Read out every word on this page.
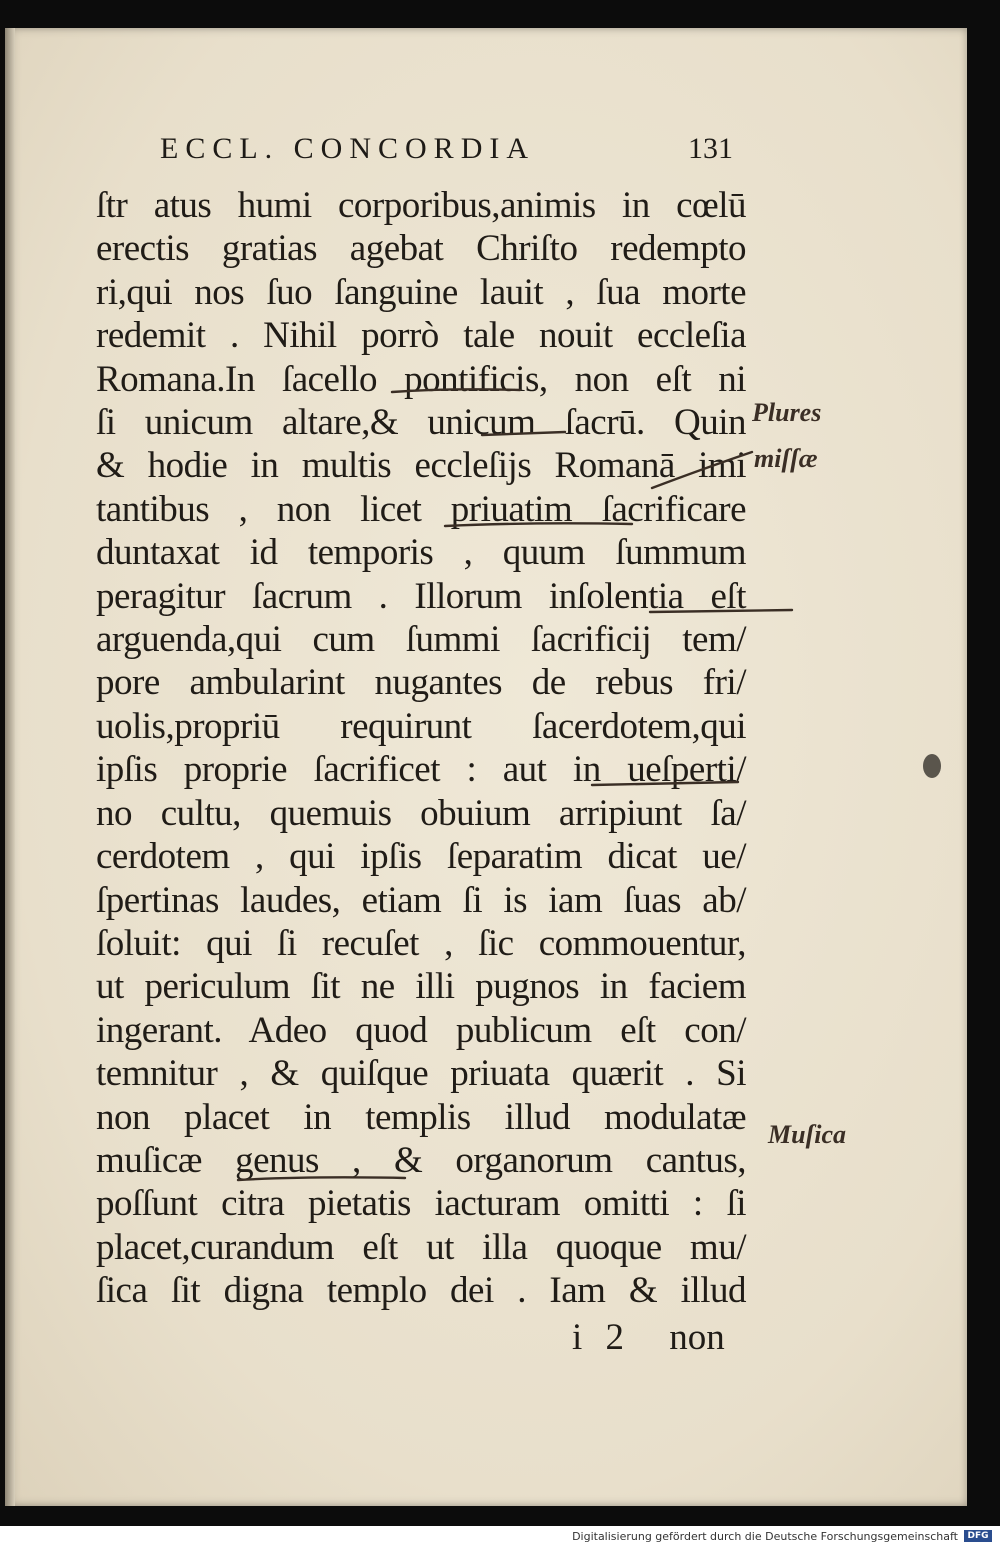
ECCL. CONCORDIA	131
ſtr atus humi corporibus,animis in cœlū
erectis gratias agebat Chriſto redempto
ri,qui nos ſuo ſanguine lauit , ſua morte
redemit . Nihil porrò tale nouit eccleſia
Romana.In ſacello pontificis, non eſt ni
ſi unicum altare,& unicum ſacrū. Quin
& hodie in multis eccleſijs Romanā imi
tantibus , non licet priuatim ſacrificare
duntaxat id temporis , quum ſummum
peragitur ſacrum . Illorum inſolentia eſt
arguenda,qui cum ſummi ſacrificij tem/
pore ambularint nugantes de rebus fri/
uolis,propriū requirunt ſacerdotem,qui
ipſis proprie ſacrificet : aut in ueſperti/
no cultu, quemuis obuium arripiunt ſa/
cerdotem , qui ipſis ſeparatim dicat ue/
ſpertinas laudes, etiam ſi is iam ſuas ab/
ſoluit: qui ſi recuſet , ſic commouentur,
ut periculum ſit ne illi pugnos in faciem
ingerant. Adeo quod publicum eſt con/
temnitur , & quiſque priuata quærit . Si
non placet in templis illud modulatæ
muſicæ genus , & organorum cantus,
poſſunt citra pietatis iacturam omitti : ſi
placet,curandum eſt ut illa quoque mu/
ſica ſit digna templo dei . Iam & illud
i 2 non
Plures
miſſæ
Muſica
Digitalisierung gefördert durch die Deutsche Forschungsgemeinschaft	DFG
